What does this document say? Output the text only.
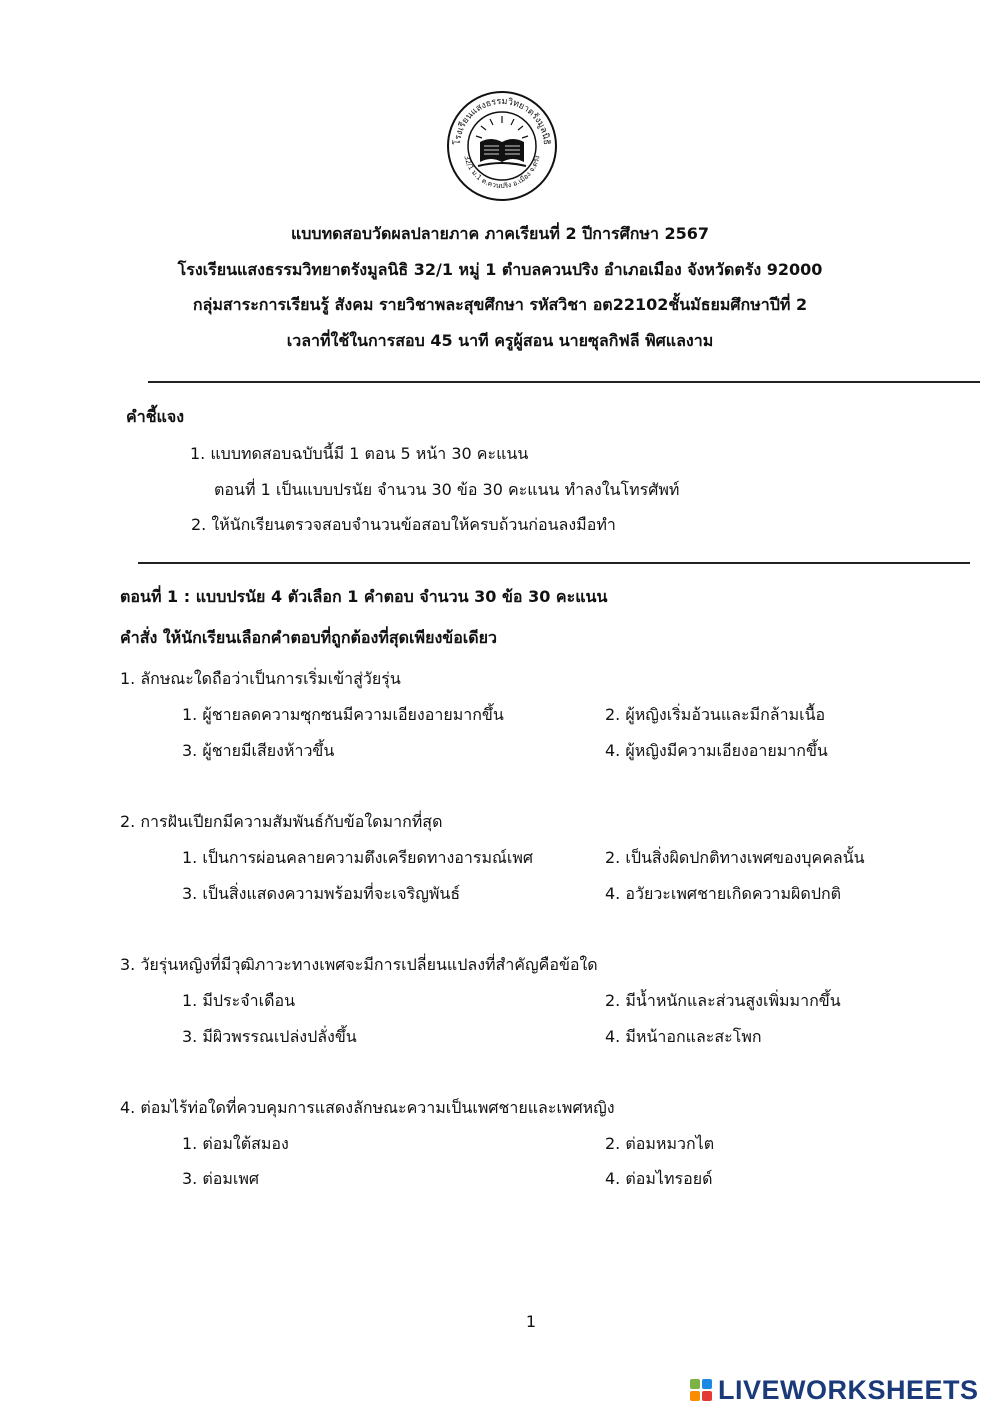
โรงเรียนแสงธรรมวิทยาตรังมูลนิธิ
32/1 ม.1 ต.ควนปริง อ.เมือง จ.ตรัง
แบบทดสอบวัดผลปลายภาค ภาคเรียนที่ 2 ปีการศึกษา 2567
โรงเรียนแสงธรรมวิทยาตรังมูลนิธิ 32/1 หมู่ 1 ตำบลควนปริง อำเภอเมือง จังหวัดตรัง 92000
กลุ่มสาระการเรียนรู้ สังคม รายวิชาพละสุขศึกษา รหัสวิชา อต22102ชั้นมัธยมศึกษาปีที่ 2
เวลาที่ใช้ในการสอบ 45 นาที ครูผู้สอน นายซุลกิฟลี พิศแลงาม
คำชี้แจง
1. แบบทดสอบฉบับนี้มี 1 ตอน 5 หน้า 30 คะแนน
ตอนที่ 1 เป็นแบบปรนัย จำนวน 30 ข้อ 30 คะแนน ทำลงในโทรศัพท์
2. ให้นักเรียนตรวจสอบจำนวนข้อสอบให้ครบถ้วนก่อนลงมือทำ
ตอนที่ 1 : แบบปรนัย 4 ตัวเลือก 1 คำตอบ จำนวน 30 ข้อ 30 คะแนน
คำสั่ง ให้นักเรียนเลือกคำตอบที่ถูกต้องที่สุดเพียงข้อเดียว
1. ลักษณะใดถือว่าเป็นการเริ่มเข้าสู่วัยรุ่น
1. ผู้ชายลดความซุกซนมีความเอียงอายมากขึ้น	2. ผู้หญิงเริ่มอ้วนและมีกล้ามเนื้อ
3. ผู้ชายมีเสียงห้าวขึ้น	4. ผู้หญิงมีความเอียงอายมากขึ้น
2. การฝันเปียกมีความสัมพันธ์กับข้อใดมากที่สุด
1. เป็นการผ่อนคลายความตึงเครียดทางอารมณ์เพศ	2. เป็นสิ่งผิดปกติทางเพศของบุคคลนั้น
3. เป็นสิ่งแสดงความพร้อมที่จะเจริญพันธ์	4. อวัยวะเพศชายเกิดความผิดปกติ
3. วัยรุ่นหญิงที่มีวุฒิภาวะทางเพศจะมีการเปลี่ยนแปลงที่สำคัญคือข้อใด
1. มีประจำเดือน	2. มีน้ำหนักและส่วนสูงเพิ่มมากขึ้น
3. มีผิวพรรณเปล่งปลั่งขึ้น	4. มีหน้าอกและสะโพก
4. ต่อมไร้ท่อใดที่ควบคุมการแสดงลักษณะความเป็นเพศชายและเพศหญิง
1. ต่อมใต้สมอง	2. ต่อมหมวกไต
3. ต่อมเพศ	4. ต่อมไทรอยด์
1
LIVEWORKSHEETS
